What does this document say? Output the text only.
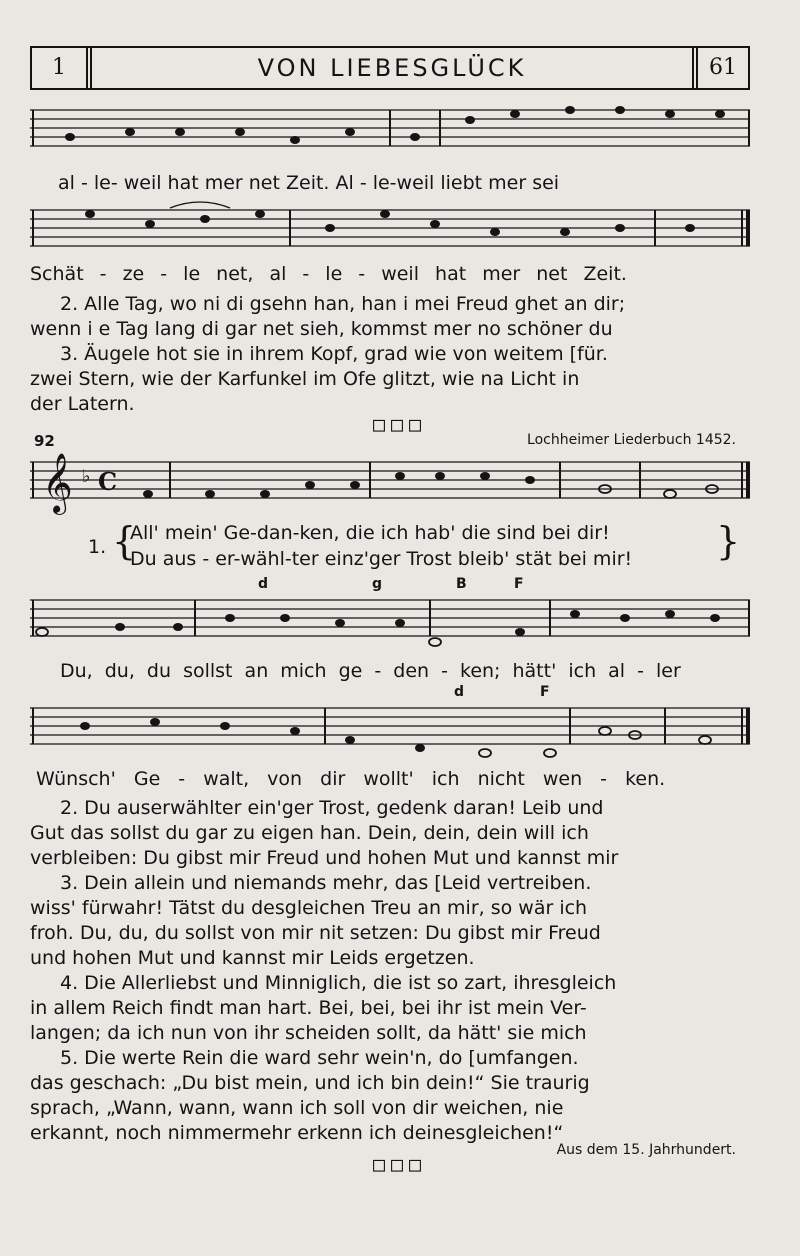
1	VON LIEBESGLÜCK	61
al - le- weil hat mer net Zeit. Al - le-weil liebt mer sei
Schät - ze - le net, al - le - weil hat mer net Zeit.

2. Alle Tag, wo ni di gsehn han, han i mei Freud ghet an dir;

wenn i e Tag lang di gar net sieh, kommst mer no schöner du

3. Äugele hot sie in ihrem Kopf, grad wie von weitem [für.

zwei Stern, wie der Karfunkel im Ofe glitzt, wie na Licht in

der Latern.

□□□
92	Lochheimer Liederbuch 1452.
𝄞 ♭ C
1. {
All' mein' Ge-dan-ken, die ich hab' die sind bei dir!
Du aus - er-wähl-ter einz'ger Trost bleib' stät bei mir! }
d	g	B	F
Du, du, du sollst an mich ge - den - ken; hätt' ich al - ler
d	F
Wünsch' Ge - walt, von dir wollt' ich nicht wen - ken.

2. Du auserwählter ein'ger Trost, gedenk daran! Leib und

Gut das sollst du gar zu eigen han. Dein, dein, dein will ich

verbleiben: Du gibst mir Freud und hohen Mut und kannst mir

3. Dein allein und niemands mehr, das [Leid vertreiben.

wiss' fürwahr! Tätst du desgleichen Treu an mir, so wär ich

froh. Du, du, du sollst von mir nit setzen: Du gibst mir Freud

und hohen Mut und kannst mir Leids ergetzen.

4. Die Allerliebst und Minniglich, die ist so zart, ihresgleich

in allem Reich findt man hart. Bei, bei, bei ihr ist mein Ver-

langen; da ich nun von ihr scheiden sollt, da hätt' sie mich

5. Die werte Rein die ward sehr wein'n, do [umfangen.

das geschach: „Du bist mein, und ich bin dein!“ Sie traurig

sprach, „Wann, wann, wann ich soll von dir weichen, nie

erkannt, noch nimmermehr erkenn ich deinesgleichen!“

Aus dem 15. Jahrhundert.
□□□
